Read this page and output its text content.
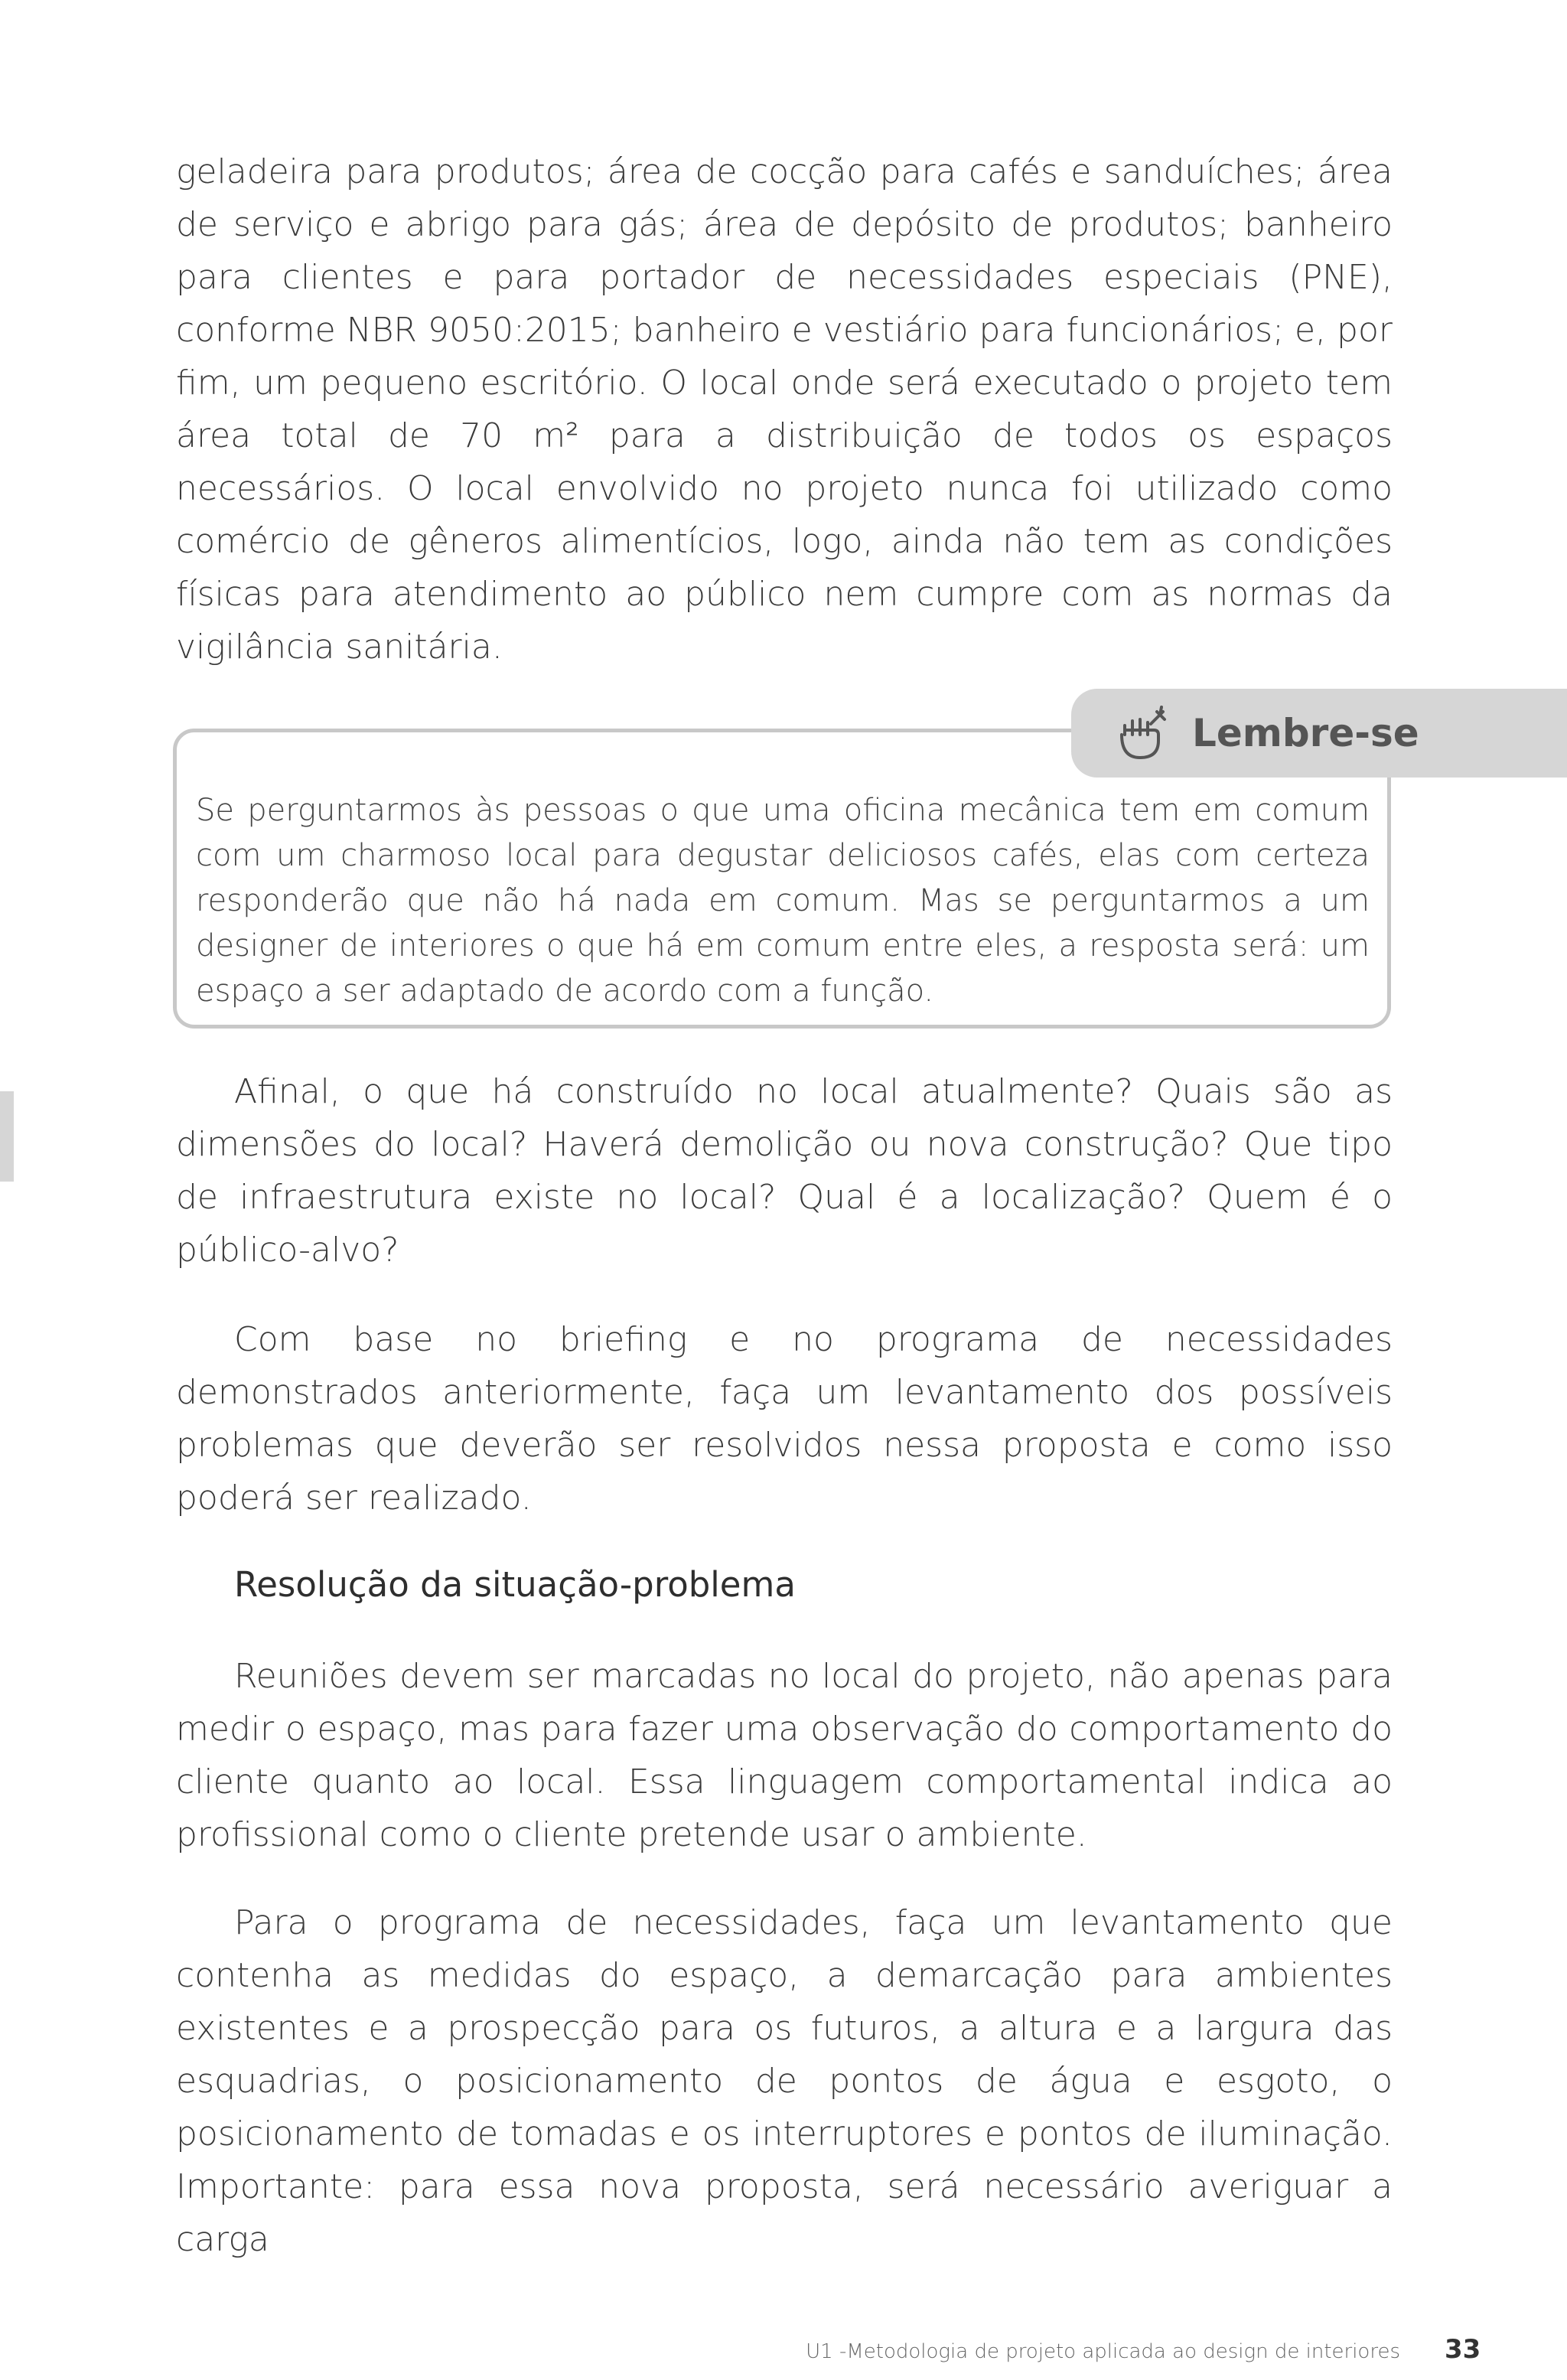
geladeira para produtos; área de cocção para cafés e sanduíches; área de serviço e abrigo para gás; área de depósito de produtos; banheiro para clientes e para portador de necessidades especiais (PNE), conforme NBR 9050:2015; banheiro e vestiário para funcionários; e, por fim, um pequeno escritório. O local onde será executado o projeto tem área total de 70 m² para a distribuição de todos os espaços necessários. O local envolvido no projeto nunca foi utilizado como comércio de gêneros alimentícios, logo, ainda não tem as condições físicas para atendimento ao público nem cumpre com as normas da vigilância sanitária.

Lembre-se

Se perguntarmos às pessoas o que uma oficina mecânica tem em comum com um charmoso local para degustar deliciosos cafés, elas com certeza responderão que não há nada em comum. Mas se perguntarmos a um designer de interiores o que há em comum entre eles, a resposta será: um espaço a ser adaptado de acordo com a função.

Afinal, o que há construído no local atualmente? Quais são as dimensões do local? Haverá demolição ou nova construção? Que tipo de infraestrutura existe no local? Qual é a localização? Quem é o público-alvo?

Com base no briefing e no programa de necessidades demonstrados anteriormente, faça um levantamento dos possíveis problemas que deverão ser resolvidos nessa proposta e como isso poderá ser realizado.

Resolução da situação-problema

Reuniões devem ser marcadas no local do projeto, não apenas para medir o espaço, mas para fazer uma observação do comportamento do cliente quanto ao local. Essa linguagem comportamental indica ao profissional como o cliente pretende usar o ambiente.

Para o programa de necessidades, faça um levantamento que contenha as medidas do espaço, a demarcação para ambientes existentes e a prospecção para os futuros, a altura e a largura das esquadrias, o posicionamento de pontos de água e esgoto, o posicionamento de tomadas e os interruptores e pontos de iluminação. Importante: para essa nova proposta, será necessário averiguar a carga

U1 -Metodologia de projeto aplicada ao design de interiores 33
